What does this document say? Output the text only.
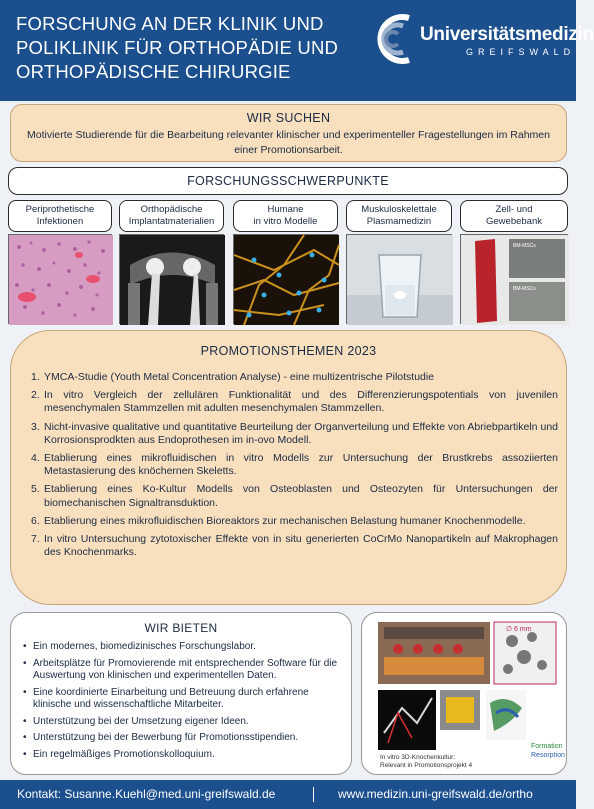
FORSCHUNG AN DER KLINIK UND
POLIKLINIK FÜR ORTHOPÄDIE UND
ORTHOPÄDISCHE CHIRURGIE
Universitätsmedizin
GREIFSWALD
WIR SUCHEN
Motivierte Studierende für die Bearbeitung relevanter klinischer und experimenteller Fragestellungen im Rahmen einer Promotionsarbeit.
FORSCHUNGSSCHWERPUNKTE
Periprothetische
Infektionen
Orthopädische
Implantatmaterialien
Humane
in vitro Modelle
Muskuloskelettale
Plasmamedizin
Zell- und
Gewebebank
BM-MSCs
BM-MSCs
PROMOTIONSTHEMEN 2023
1. YMCA-Studie (Youth Metal Concentration Analyse) - eine multizentrische Pilotstudie
2. In vitro Vergleich der zellulären Funktionalität und des Differenzierungspotentials von juvenilen mesenchymalen Stammzellen mit adulten mesenchymalen Stammzellen.
3. Nicht-invasive qualitative und quantitative Beurteilung der Organverteilung und Effekte von Abriebpartikeln und Korrosionsprodkten aus Endoprothesen im in-ovo Modell.
4. Etablierung eines mikrofluidischen in vitro Modells zur Untersuchung der Brustkrebs assoziierten Metastasierung des knöchernen Skeletts.
5. Etablierung eines Ko-Kultur Modells von Osteoblasten und Osteozyten für Untersuchungen der biomechanischen Signaltransduktion.
6. Etablierung eines mikrofluidischen Bioreaktors zur mechanischen Belastung humaner Knochenmodelle.
7. In vitro Untersuchung zytotoxischer Effekte von in situ generierten CoCrMo Nanopartikeln auf Makrophagen des Knochenmarks.
WIR BIETEN
• Ein modernes, biomedizinisches Forschungslabor.
• Arbeitsplätze für Promovierende mit entsprechender Software für die Auswertung von klinischen und experimentellen Daten.
• Eine koordinierte Einarbeitung und Betreuung durch erfahrene klinische und wissenschaftliche Mitarbeiter.
• Unterstützung bei der Umsetzung eigener Ideen.
• Unterstützung bei der Bewerbung für Promotionsstipendien.
• Ein regelmäßiges Promotionskolloquium.
∅ 6 mm
In vitro 3D-Knochenkultur:
Relevant in Promotionsprojekt 4
Formation
Resorption
Kontakt: Susanne.Kuehl@med.uni-greifswald.de	www.medizin.uni-greifswald.de/ortho
